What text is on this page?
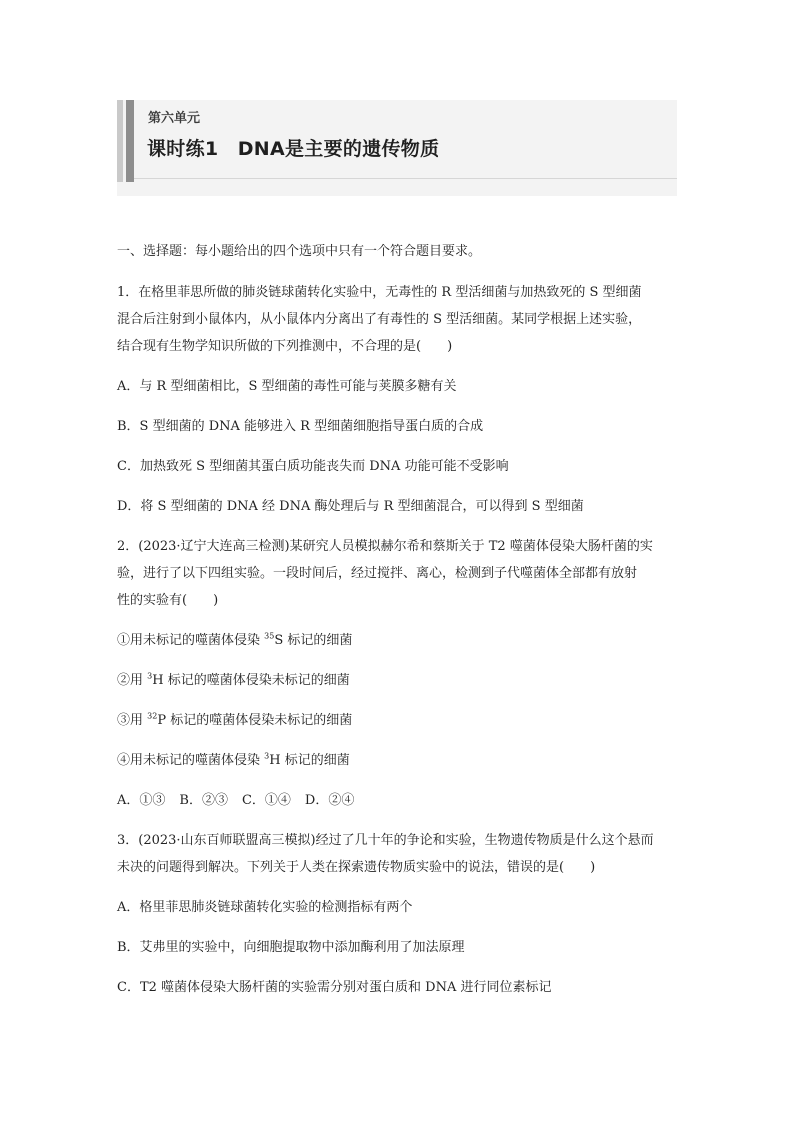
第六单元
课时练1　DNA是主要的遗传物质

一、选择题：每小题给出的四个选项中只有一个符合题目要求。

1．在格里菲思所做的肺炎链球菌转化实验中，无毒性的 R 型活细菌与加热致死的 S 型细菌

混合后注射到小鼠体内，从小鼠体内分离出了有毒性的 S 型活细菌。某同学根据上述实验，

结合现有生物学知识所做的下列推测中，不合理的是(　　)

A．与 R 型细菌相比，S 型细菌的毒性可能与荚膜多糖有关

B．S 型细菌的 DNA 能够进入 R 型细菌细胞指导蛋白质的合成

C．加热致死 S 型细菌其蛋白质功能丧失而 DNA 功能可能不受影响

D．将 S 型细菌的 DNA 经 DNA 酶处理后与 R 型细菌混合，可以得到 S 型细菌

2．(2023·辽宁大连高三检测)某研究人员模拟赫尔希和蔡斯关于 T2 噬菌体侵染大肠杆菌的实

验，进行了以下四组实验。一段时间后，经过搅拌、离心，检测到子代噬菌体全部都有放射

性的实验有(　　)

①用未标记的噬菌体侵染 $^{35}$S 标记的细菌

②用 $^3$H 标记的噬菌体侵染未标记的细菌

③用 $^{32}$P 标记的噬菌体侵染未标记的细菌

④用未标记的噬菌体侵染 $^3$H 标记的细菌

A．①③ B．②③ C．①④ D．②④

3．(2023·山东百师联盟高三模拟)经过了几十年的争论和实验，生物遗传物质是什么这个悬而

未决的问题得到解决。下列关于人类在探索遗传物质实验中的说法，错误的是(　　)

A．格里菲思肺炎链球菌转化实验的检测指标有两个

B．艾弗里的实验中，向细胞提取物中添加酶利用了加法原理

C．T2 噬菌体侵染大肠杆菌的实验需分别对蛋白质和 DNA 进行同位素标记
